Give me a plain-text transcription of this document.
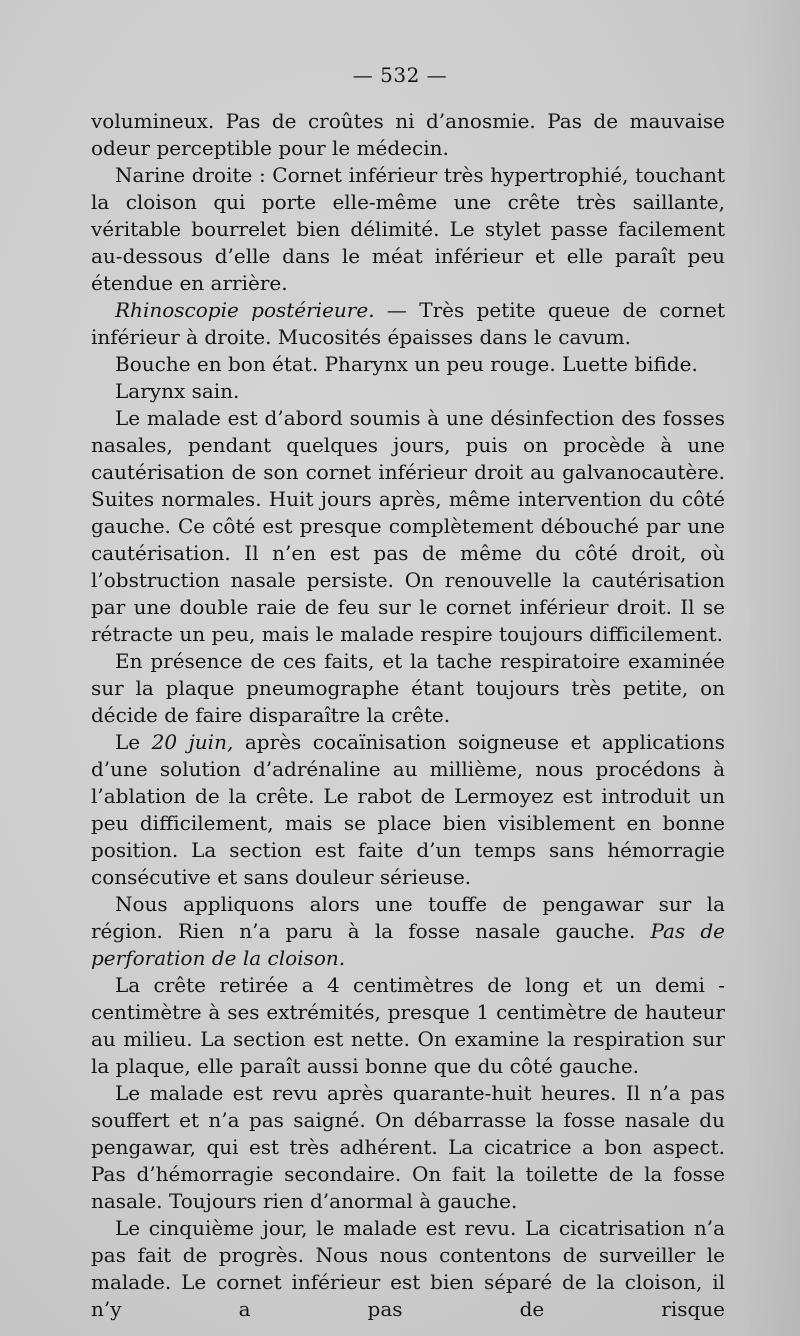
— 532 —

volumineux. Pas de croûtes ni d’anosmie. Pas de mauvaise odeur perceptible pour le médecin.

Narine droite : Cornet inférieur très hypertrophié, touchant la cloison qui porte elle-même une crête très saillante, véritable bourrelet bien délimité. Le stylet passe facilement au-dessous d’elle dans le méat inférieur et elle paraît peu étendue en arrière.

Rhinoscopie postérieure. — Très petite queue de cornet inférieur à droite. Mucosités épaisses dans le cavum.

Bouche en bon état. Pharynx un peu rouge. Luette bifide.

Larynx sain.

Le malade est d’abord soumis à une désinfection des fosses nasales, pendant quelques jours, puis on procède à une cautérisation de son cornet inférieur droit au galvanocautère. Suites normales. Huit jours après, même intervention du côté gauche. Ce côté est presque complètement débouché par une cautérisation. Il n’en est pas de même du côté droit, où l’obstruction nasale persiste. On renouvelle la cautérisation par une double raie de feu sur le cornet inférieur droit. Il se rétracte un peu, mais le malade respire toujours difficilement.

En présence de ces faits, et la tache respiratoire examinée sur la plaque pneumographe étant toujours très petite, on décide de faire disparaître la crête.

Le 20 juin, après cocaïnisation soigneuse et applications d’une solution d’adrénaline au millième, nous procédons à l’ablation de la crête. Le rabot de Lermoyez est introduit un peu difficilement, mais se place bien visiblement en bonne position. La section est faite d’un temps sans hémorragie consécutive et sans douleur sérieuse.

Nous appliquons alors une touffe de pengawar sur la région. Rien n’a paru à la fosse nasale gauche. Pas de perforation de la cloison.

La crête retirée a 4 centimètres de long et un demi - centimètre à ses extrémités, presque 1 centimètre de hauteur au milieu. La section est nette. On examine la respiration sur la plaque, elle paraît aussi bonne que du côté gauche.

Le malade est revu après quarante-huit heures. Il n’a pas souffert et n’a pas saigné. On débarrasse la fosse nasale du pengawar, qui est très adhérent. La cicatrice a bon aspect. Pas d’hémorragie secondaire. On fait la toilette de la fosse nasale. Toujours rien d’anormal à gauche.

Le cinquième jour, le malade est revu. La cicatrisation n’a pas fait de progrès. Nous nous contentons de surveiller le malade. Le cornet inférieur est bien séparé de la cloison, il n’y a pas de risque
